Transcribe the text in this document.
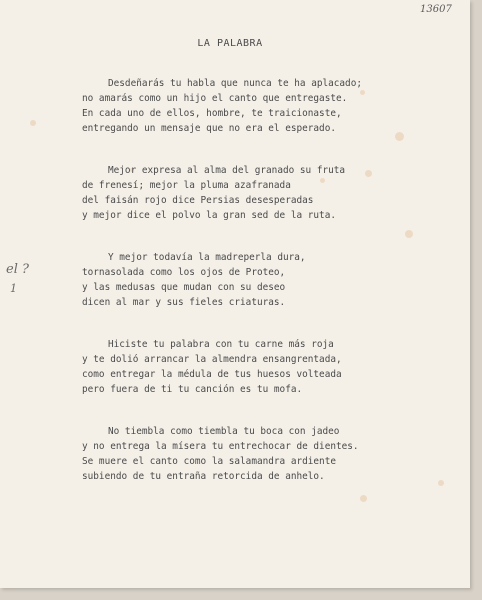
13607
el ?
1
LA PALABRA
Desdeñarás tu habla que nunca te ha aplacado;
no amarás como un hijo el canto que entregaste.
En cada uno de ellos, hombre, te traicionaste,
entregando un mensaje que no era el esperado.
Mejor expresa al alma del granado su fruta
de frenesí; mejor la pluma azafranada
del faisán rojo dice Persias desesperadas
y mejor dice el polvo la gran sed de la ruta.
Y mejor todavía la madreperla dura,
tornasolada como los ojos de Proteo,
y las medusas que mudan con su deseo
dicen al mar y sus fieles criaturas.
Hiciste tu palabra con tu carne más roja
y te dolió arrancar la almendra ensangrentada,
como entregar la médula de tus huesos volteada
pero fuera de ti tu canción es tu mofa.
No tiembla como tiembla tu boca con jadeo
y no entrega la mísera tu entrechocar de dientes.
Se muere el canto como la salamandra ardiente
subiendo de tu entraña retorcida de anhelo.
